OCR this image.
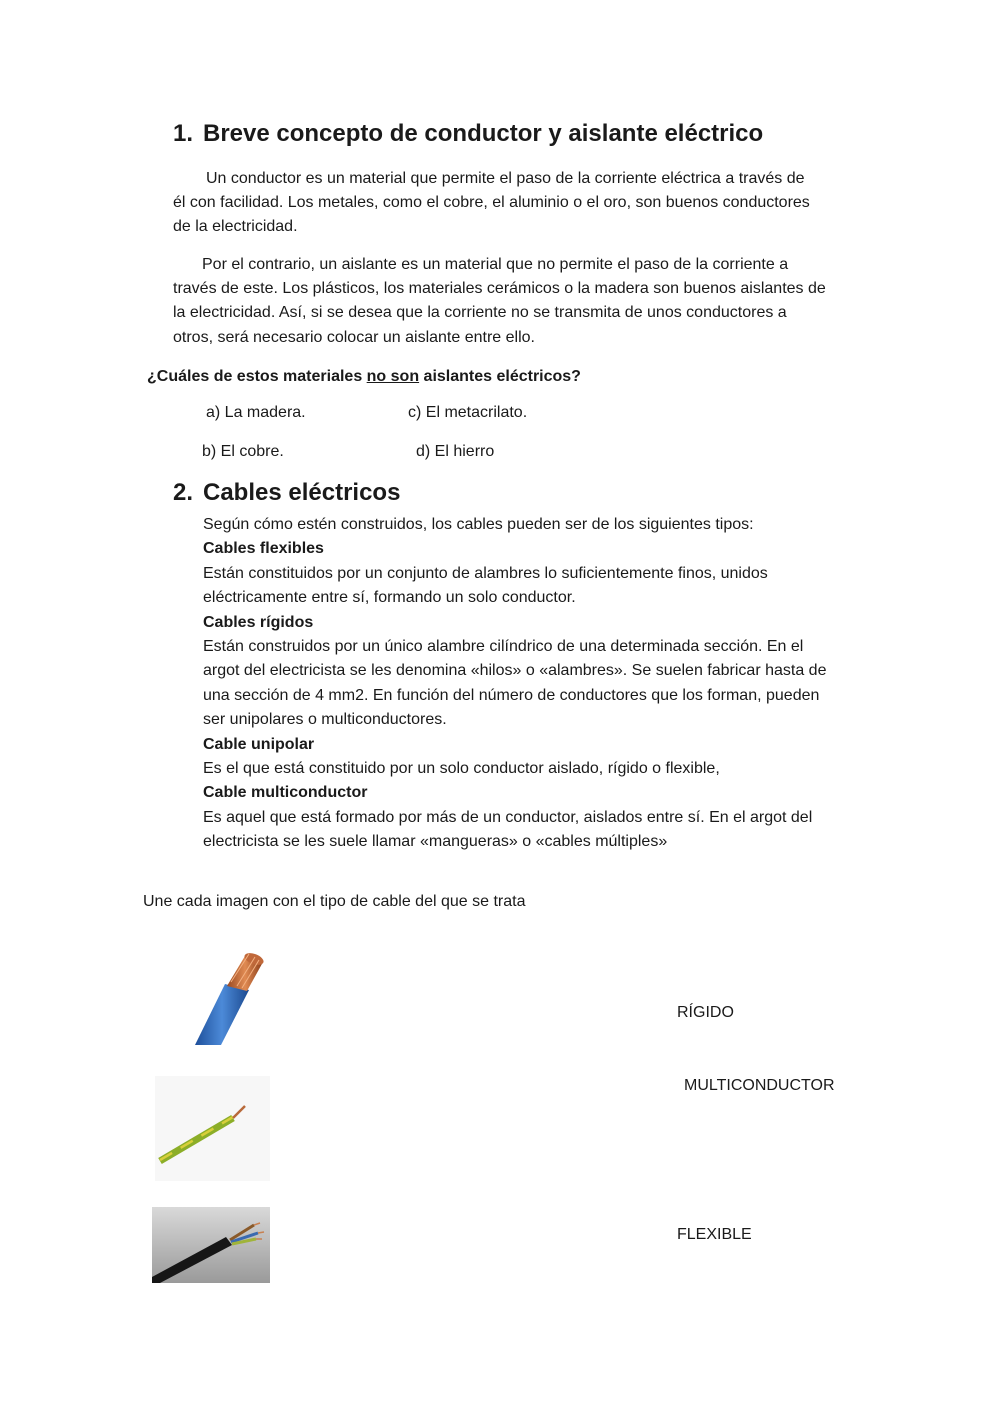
1. Breve concepto de conductor y aislante eléctrico
Un conductor es un material que permite el paso de la corriente eléctrica a través de
él con facilidad. Los metales, como el cobre, el aluminio o el oro, son buenos conductores
de la electricidad.
Por el contrario, un aislante es un material que no permite el paso de la corriente a
través de este. Los plásticos, los materiales cerámicos o la madera son buenos aislantes de
la electricidad. Así, si se desea que la corriente no se transmita de unos conductores a
otros, será necesario colocar un aislante entre ello.
¿Cuáles de estos materiales no son aislantes eléctricos?
a) La madera.	c) El metacrilato.
b) El cobre.	d) El hierro
2. Cables eléctricos
Según cómo estén construidos, los cables pueden ser de los siguientes tipos:
Cables flexibles
Están constituidos por un conjunto de alambres lo suficientemente finos, unidos
eléctricamente entre sí, formando un solo conductor.
Cables rígidos
Están construidos por un único alambre cilíndrico de una determinada sección. En el
argot del electricista se les denomina «hilos» o «alambres». Se suelen fabricar hasta de
una sección de 4 mm2. En función del número de conductores que los forman, pueden
ser unipolares o multiconductores.
Cable unipolar
Es el que está constituido por un solo conductor aislado, rígido o flexible,
Cable multiconductor
Es aquel que está formado por más de un conductor, aislados entre sí. En el argot del
electricista se les suele llamar «mangueras» o «cables múltiples»
Une cada imagen con el tipo de cable del que se trata
RÍGIDO
MULTICONDUCTOR
FLEXIBLE
